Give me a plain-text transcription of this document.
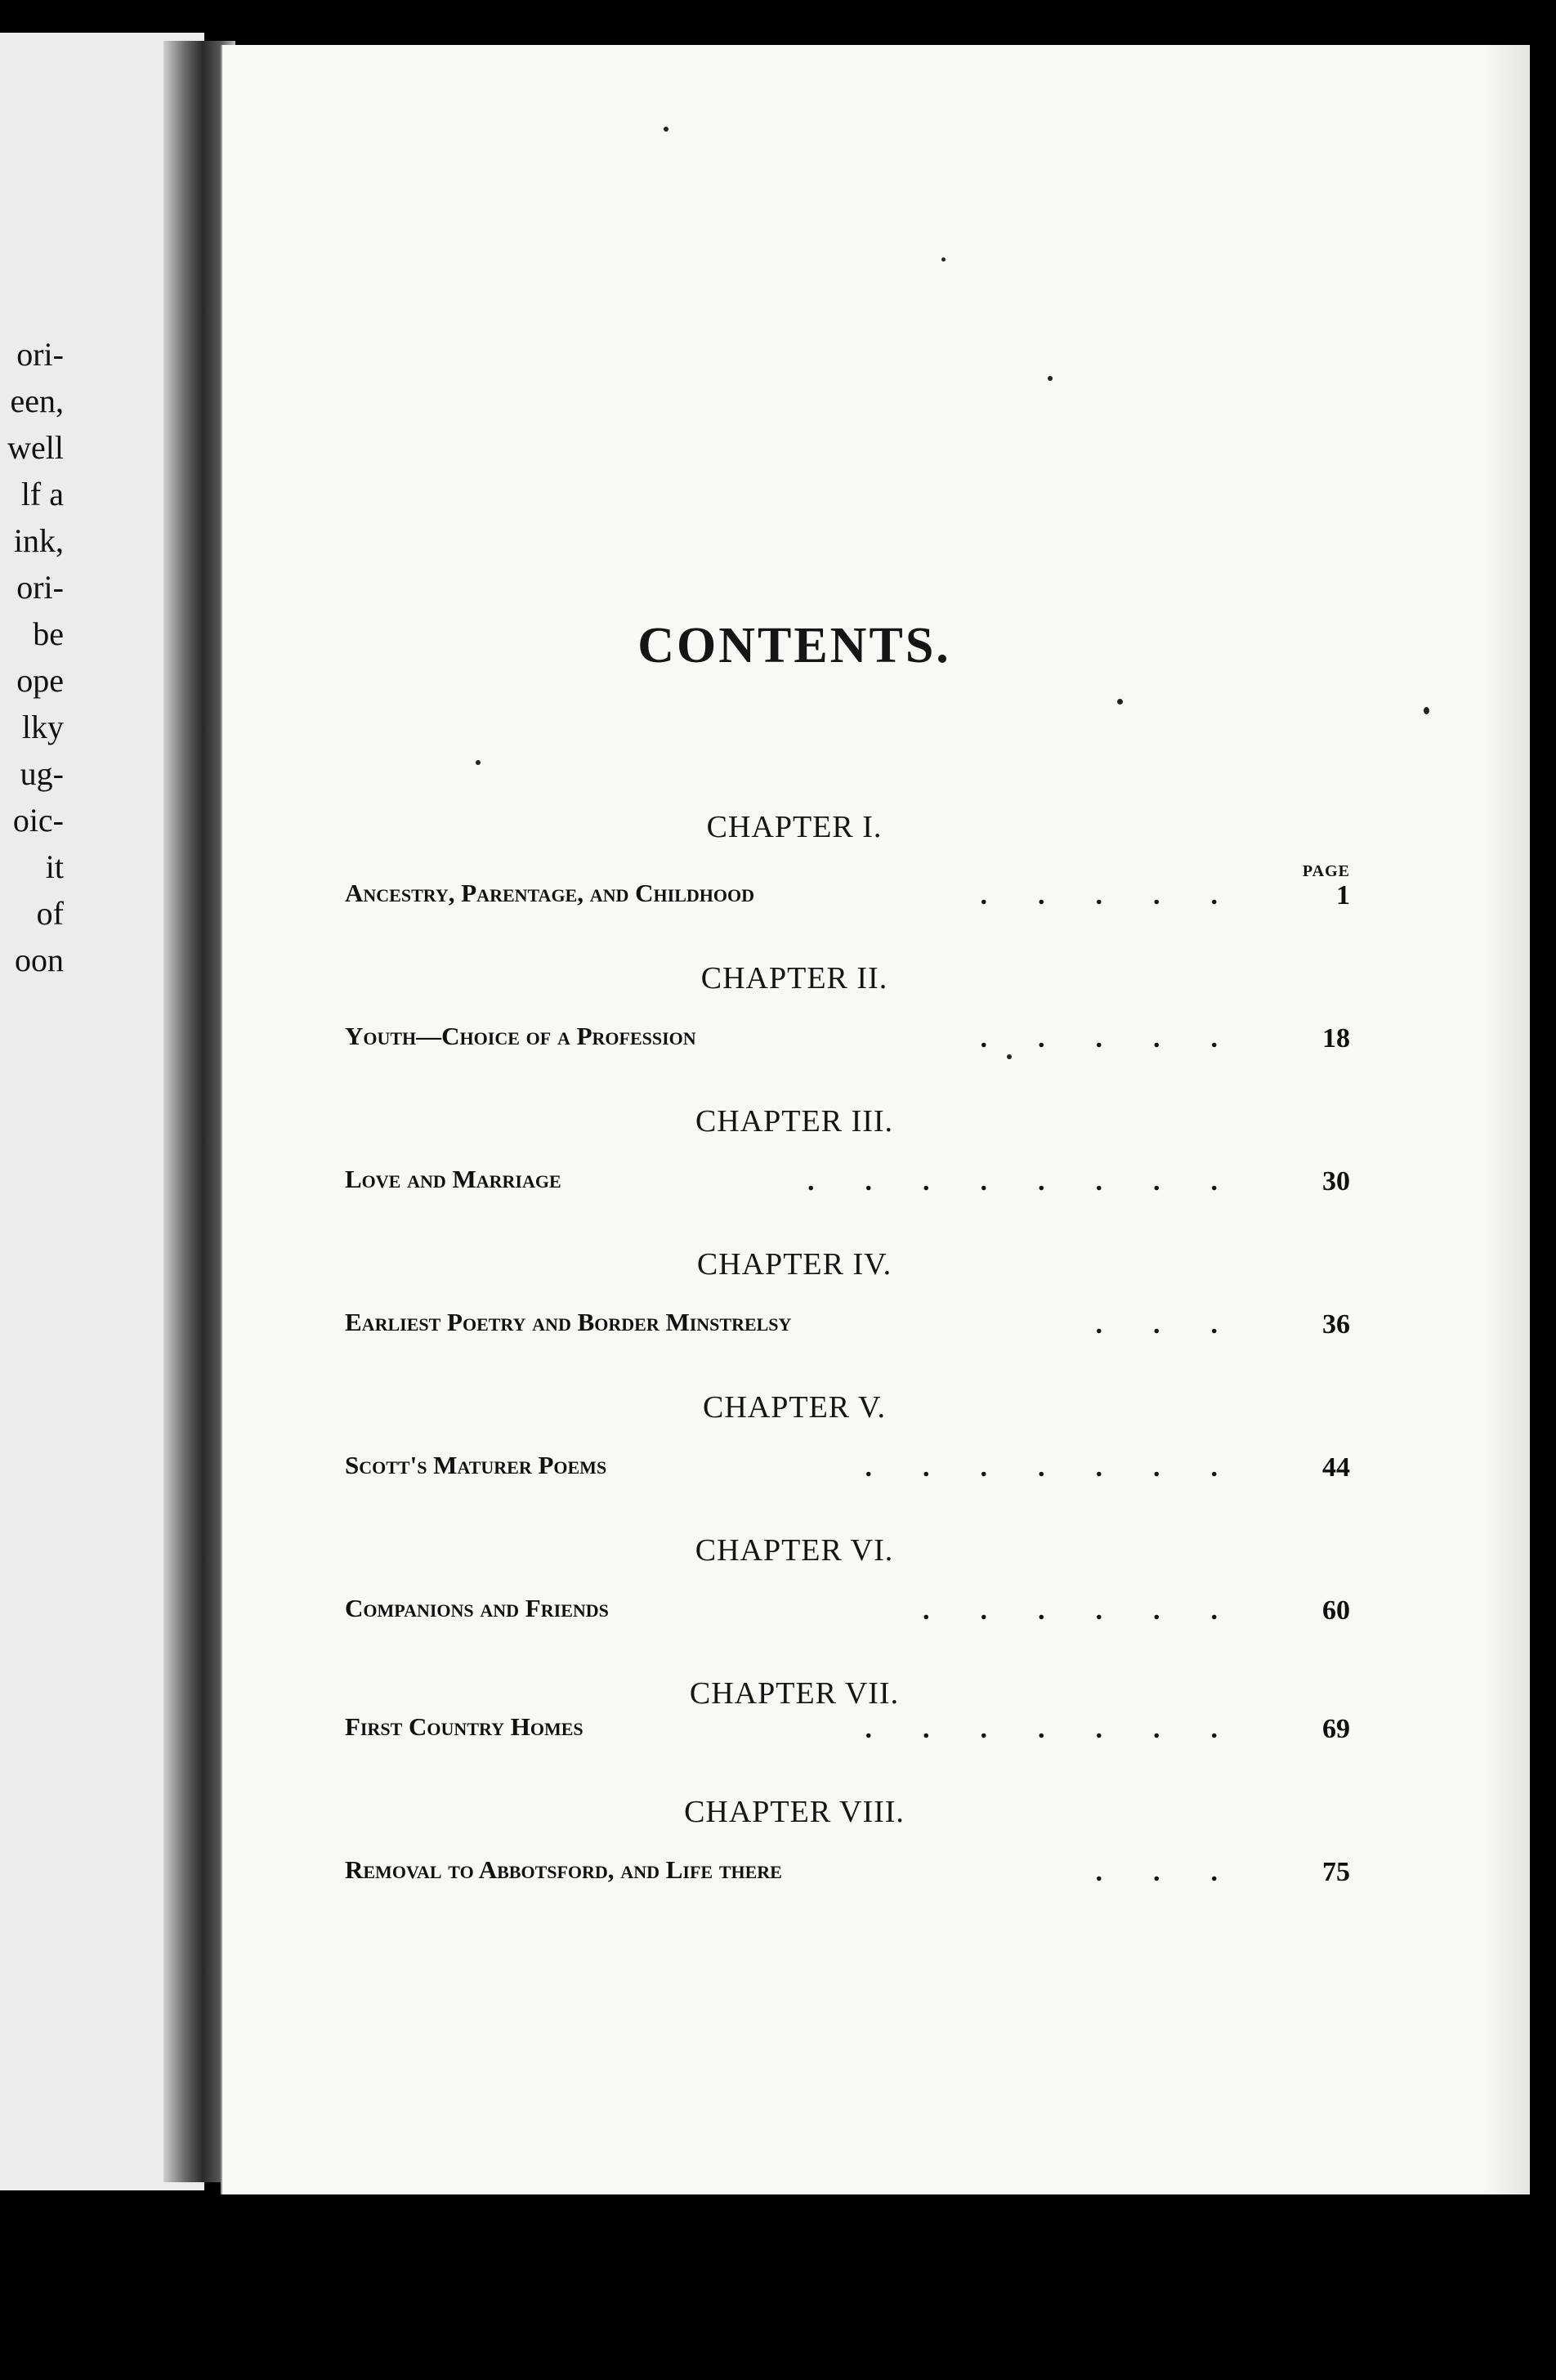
ori-
een,
well
lf a
ink,
ori-
be
ope
lky
ug-
oic-
it
of
oon
CONTENTS.
PAGE
CHAPTER I.
Ancestry, Parentage, and Childhood	.....	1
CHAPTER II.
Youth—Choice of a Profession	.....	18
CHAPTER III.
Love and Marriage	........	30
CHAPTER IV.
Earliest Poetry and Border Minstrelsy	...	36
CHAPTER V.
Scott's Maturer Poems	.......	44
CHAPTER VI.
Companions and Friends	......	60
CHAPTER VII.
First Country Homes	.......	69
CHAPTER VIII.
Removal to Abbotsford, and Life there	...	75
